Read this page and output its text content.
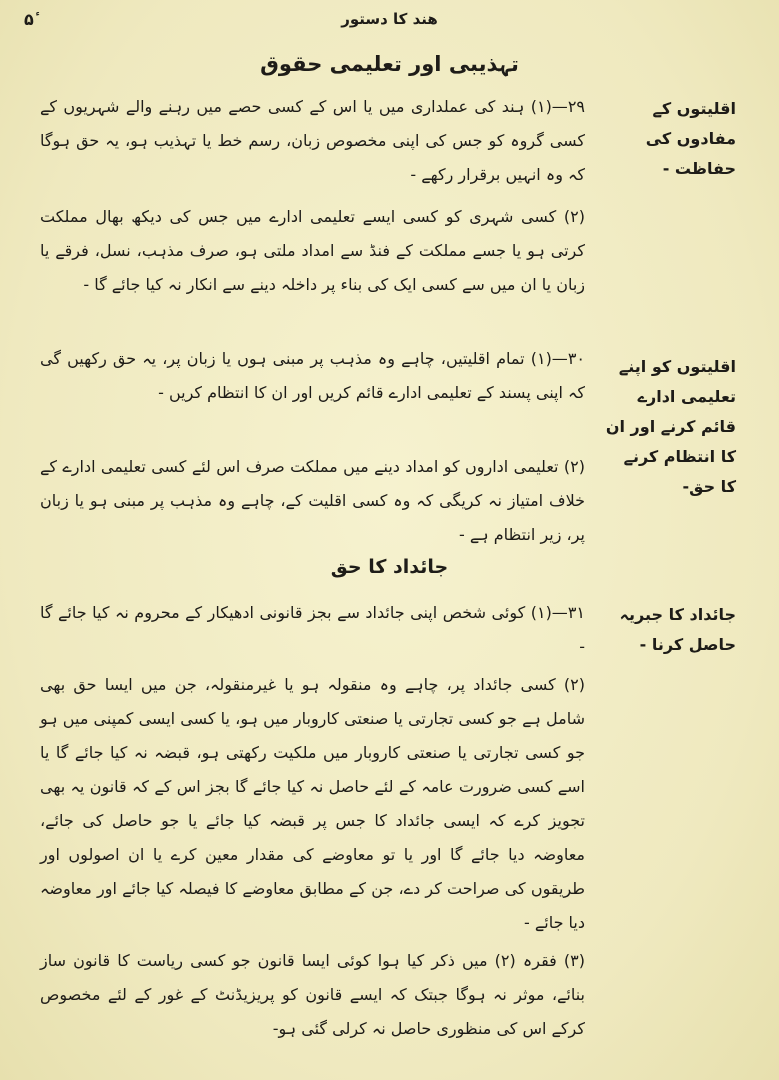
۵ٔ	هند کا دستور
تہذیبی اور تعلیمی حقوق
اقلیتوں کے مفادوں کی حفاظت -
اقلیتوں کو اپنے تعلیمی ادارے قائم کرنے اور ان کا انتظام کرنے کا حق-
جائداد کا جبریہ حاصل کرنا -
۲۹—(۱) ہند کی عملداری میں یا اس کے کسی حصے میں رہنے والے شہریوں کے کسی گروہ کو جس کی اپنی مخصوص زبان، رسم خط یا تہذیب ہو، یہ حق ہوگا کہ وہ انہیں برقرار رکھے -
(۲) کسی شہری کو کسی ایسے تعلیمی ادارے میں جس کی دیکھ بھال مملکت کرتی ہو یا جسے مملکت کے فنڈ سے امداد ملتی ہو، صرف مذہب، نسل، فرقے یا زبان یا ان میں سے کسی ایک کی بناء پر داخلہ دینے سے انکار نہ کیا جائے گا -
۳۰—(۱) تمام اقلیتیں، چاہے وہ مذہب پر مبنی ہوں یا زبان پر، یہ حق رکھیں گی کہ اپنی پسند کے تعلیمی ادارے قائم کریں اور ان کا انتظام کریں -
(۲) تعلیمی اداروں کو امداد دینے میں مملکت صرف اس لئے کسی تعلیمی ادارے کے خلاف امتیاز نہ کریگی کہ وہ کسی اقلیت کے، چاہے وہ مذہب پر مبنی ہو یا زبان پر، زیر انتظام ہے -
جائداد کا حق
۳۱—(۱) کوئی شخص اپنی جائداد سے بجز قانونی ادھیکار کے محروم نہ کیا جائے گا -
(۲) کسی جائداد پر، چاہے وہ منقولہ ہو یا غیرمنقولہ، جن میں ایسا حق بھی شامل ہے جو کسی تجارتی یا صنعتی کاروبار میں ہو، یا کسی ایسی کمپنی میں ہو جو کسی تجارتی یا صنعتی کاروبار میں ملکیت رکھتی ہو، قبضہ نہ کیا جائے گا یا اسے کسی ضرورت عامہ کے لئے حاصل نہ کیا جائے گا بجز اس کے کہ قانون یہ بھی تجویز کرے کہ ایسی جائداد کا جس پر قبضہ کیا جائے یا جو حاصل کی جائے، معاوضہ دیا جائے گا اور یا تو معاوضے کی مقدار معین کرے یا ان اصولوں اور طریقوں کی صراحت کر دے، جن کے مطابق معاوضے کا فیصلہ کیا جائے اور معاوضہ دیا جائے -
(۳) فقرہ (۲) میں ذکر کیا ہوا کوئی ایسا قانون جو کسی ریاست کا قانون ساز بنائے، موثر نہ ہوگا جبتک کہ ایسے قانون کو پریزیڈنٹ کے غور کے لئے مخصوص کرکے اس کی منظوری حاصل نہ کرلی گئی ہو-
